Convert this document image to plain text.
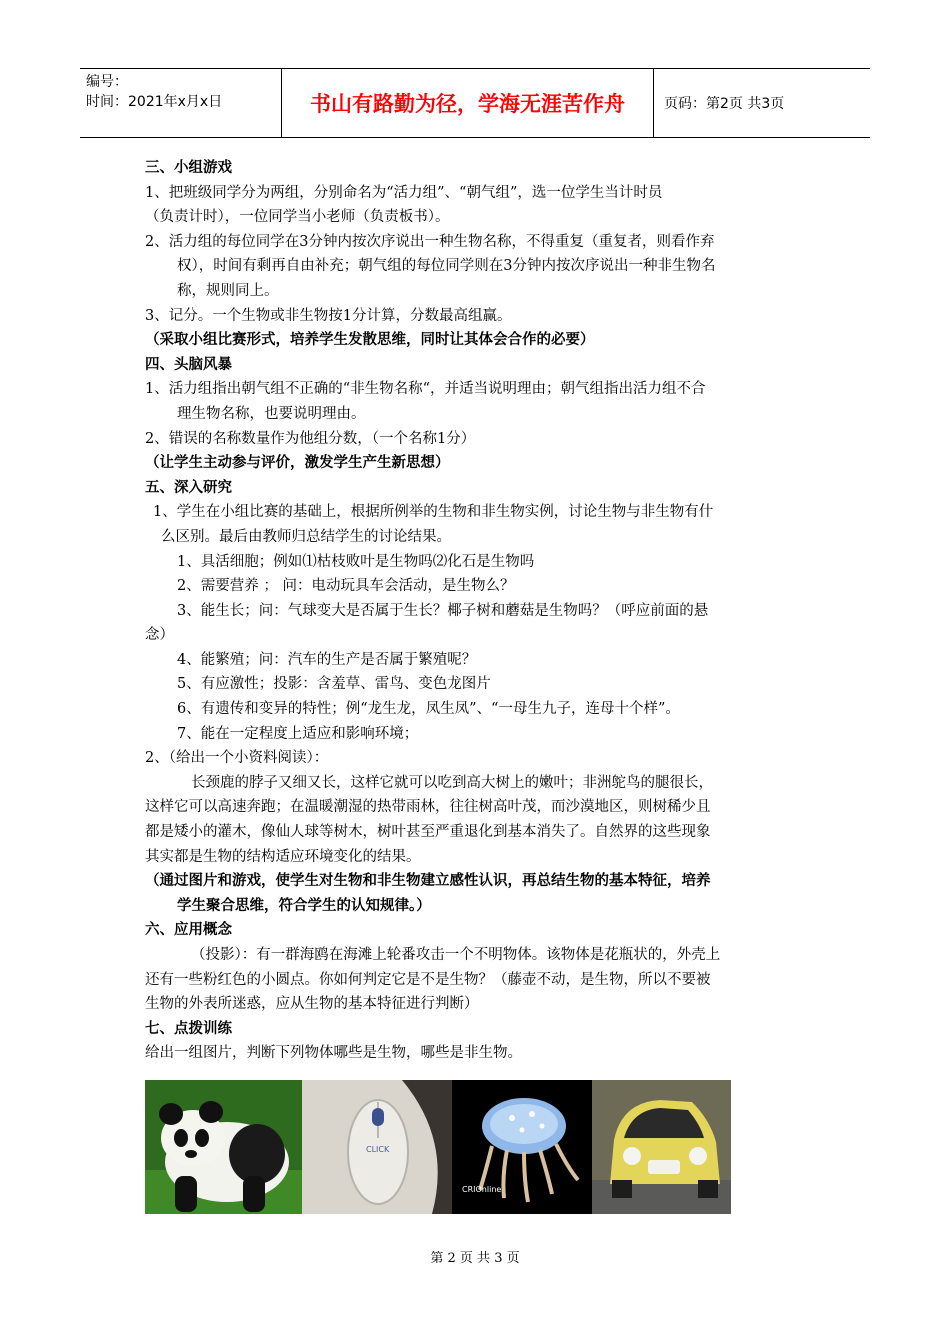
编号：
时间：2021年x月x日	书山有路勤为径，学海无涯苦作舟	页码：第2页 共3页
三、小组游戏
1、把班级同学分为两组，分别命名为“活力组”、“朝气组”，选一位学生当计时员
（负责计时），一位同学当小老师（负责板书）。
2、活力组的每位同学在3分钟内按次序说出一种生物名称，不得重复（重复者，则看作弃
权），时间有剩再自由补充；朝气组的每位同学则在3分钟内按次序说出一种非生物名
称，规则同上。
3、记分。一个生物或非生物按1分计算，分数最高组赢。
（采取小组比赛形式，培养学生发散思维，同时让其体会合作的必要）
四、头脑风暴
1、活力组指出朝气组不正确的“非生物名称“，并适当说明理由；朝气组指出活力组不合
理生物名称，也要说明理由。
2、错误的名称数量作为他组分数，（一个名称1分）
（让学生主动参与评价，激发学生产生新思想）
五、深入研究
1、学生在小组比赛的基础上，根据所例举的生物和非生物实例，讨论生物与非生物有什
么区别。最后由教师归总结学生的讨论结果。
1、具活细胞；例如⑴枯枝败叶是生物吗⑵化石是生物吗
2、需要营养 ； 问：电动玩具车会活动，是生物么？
3、能生长；问：气球变大是否属于生长？椰子树和蘑菇是生物吗？（呼应前面的悬
念）
4、能繁殖；问：汽车的生产是否属于繁殖呢？
5、有应激性；投影：含羞草、雷鸟、变色龙图片
6、有遗传和变异的特性；例“龙生龙，凤生凤”、“一母生九子，连母十个样”。
7、能在一定程度上适应和影响环境；
2、（给出一个小资料阅读）：
长颈鹿的脖子又细又长，这样它就可以吃到高大树上的嫩叶；非洲鸵鸟的腿很长，
这样它可以高速奔跑；在温暖潮湿的热带雨林，往往树高叶茂，而沙漠地区，则树稀少且
都是矮小的灌木，像仙人球等树木，树叶甚至严重退化到基本消失了。自然界的这些现象
其实都是生物的结构适应环境变化的结果。
（通过图片和游戏，使学生对生物和非生物建立感性认识，再总结生物的基本特征，培养
学生聚合思维，符合学生的认知规律。）
六、应用概念
（投影）：有一群海鸥在海滩上轮番攻击一个不明物体。该物体是花瓶状的，外壳上
还有一些粉红色的小圆点。你如何判定它是不是生物？（藤壶不动，是生物，所以不要被
生物的外表所迷惑，应从生物的基本特征进行判断）
七、点拨训练
给出一组图片，判断下列物体哪些是生物，哪些是非生物。
CLICK
CRIOnline
第 2 页 共 3 页
